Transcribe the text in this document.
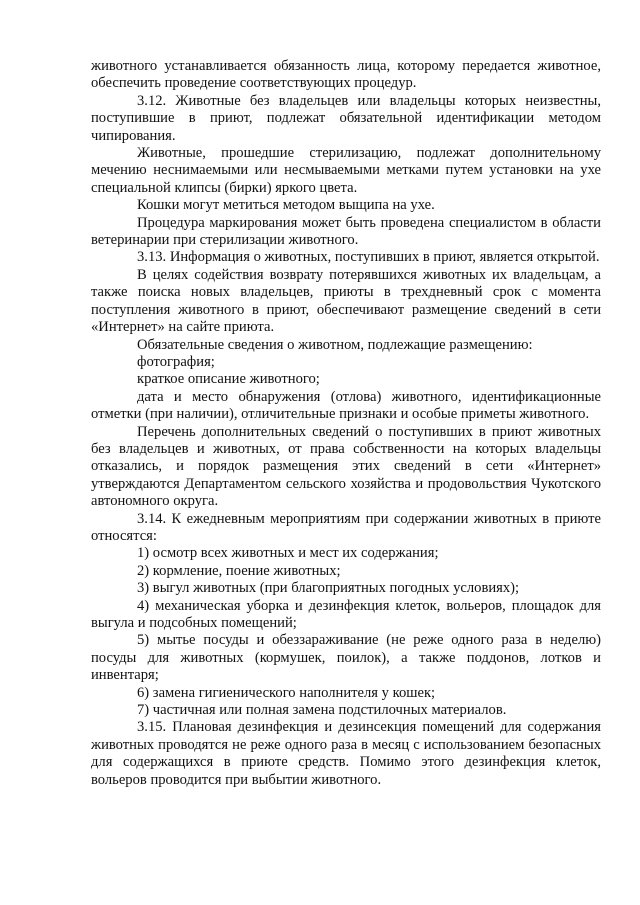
животного устанавливается обязанность лица, которому передается животное, обеспечить проведение соответствующих процедур.

3.12. Животные без владельцев или владельцы которых неизвестны, поступившие в приют, подлежат обязательной идентификации методом чипирования.

Животные, прошедшие стерилизацию, подлежат дополнительному мечению неснимаемыми или несмываемыми метками путем установки на ухе специальной клипсы (бирки) яркого цвета.

Кошки могут метиться методом выщипа на ухе.

Процедура маркирования может быть проведена специалистом в области ветеринарии при стерилизации животного.

3.13. Информация о животных, поступивших в приют, является открытой.

В целях содействия возврату потерявшихся животных их владельцам, а также поиска новых владельцев, приюты в трехдневный срок с момента поступления животного в приют, обеспечивают размещение сведений в сети «Интернет» на сайте приюта.

Обязательные сведения о животном, подлежащие размещению:

фотография;

краткое описание животного;

дата и место обнаружения (отлова) животного, идентификационные отметки (при наличии), отличительные признаки и особые приметы животного.

Перечень дополнительных сведений о поступивших в приют животных без владельцев и животных, от права собственности на которых владельцы отказались, и порядок размещения этих сведений в сети «Интернет» утверждаются Департаментом сельского хозяйства и продовольствия Чукотского автономного округа.

3.14. К ежедневным мероприятиям при содержании животных в приюте относятся:

1) осмотр всех животных и мест их содержания;

2) кормление, поение животных;

3) выгул животных (при благоприятных погодных условиях);

4) механическая уборка и дезинфекция клеток, вольеров, площадок для выгула и подсобных помещений;

5) мытье посуды и обеззараживание (не реже одного раза в неделю) посуды для животных (кормушек, поилок), а также поддонов, лотков и инвентаря;

6) замена гигиенического наполнителя у кошек;

7) частичная или полная замена подстилочных материалов.

3.15. Плановая дезинфекция и дезинсекция помещений для содержания животных проводятся не реже одного раза в месяц с использованием безопасных для содержащихся в приюте средств. Помимо этого дезинфекция клеток, вольеров проводится при выбытии животного.
